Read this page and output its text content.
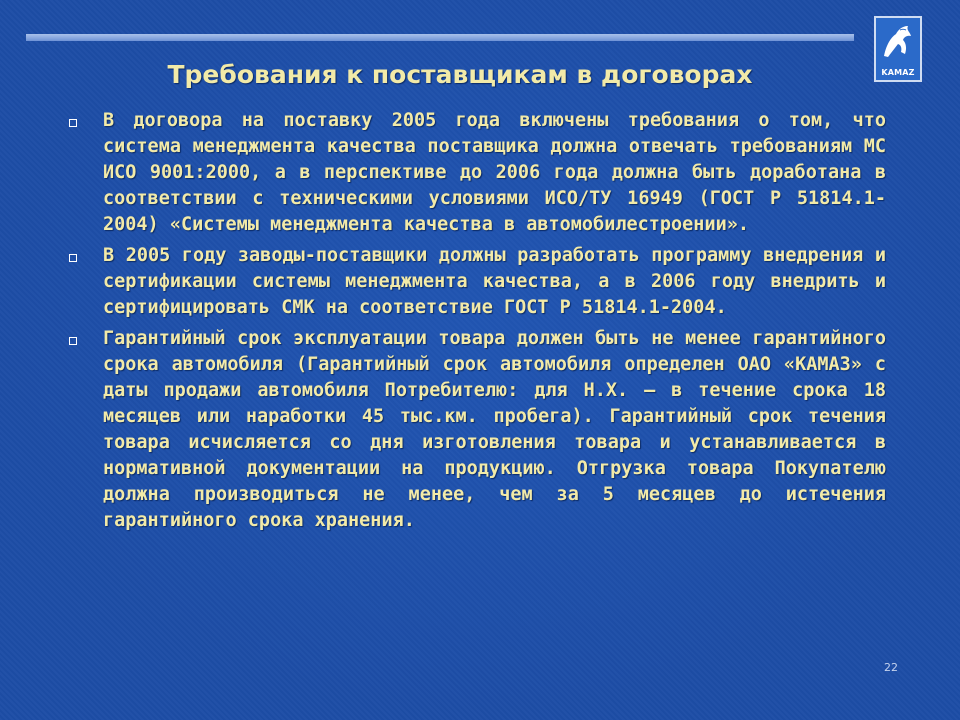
KAMAZ
Требования к поставщикам в договорах
В договора на поставку 2005 года включены требования о том, что система менеджмента качества поставщика должна отвечать требованиям МС ИСО 9001:2000, а в перспективе до 2006 года должна быть доработана в соответствии с техническими условиями ИСО/ТУ 16949 (ГОСТ Р 51814.1-2004) «Системы менеджмента качества в автомобилестроении».
В 2005 году заводы-поставщики должны разработать программу внедрения и сертификации системы менеджмента качества, а в 2006 году внедрить и сертифицировать СМК на соответствие ГОСТ Р 51814.1-2004.
Гарантийный срок эксплуатации товара должен быть не менее гарантийного срока автомобиля (Гарантийный срок автомобиля определен ОАО «КАМАЗ» с даты продажи автомобиля Потребителю: для Н.Х. – в течение срока 18 месяцев или наработки 45 тыс.км. пробега). Гарантийный срок течения товара исчисляется со дня изготовления товара и устанавливается в нормативной документации на продукцию. Отгрузка товара Покупателю должна производиться не менее, чем за 5 месяцев до истечения гарантийного срока хранения.
22
